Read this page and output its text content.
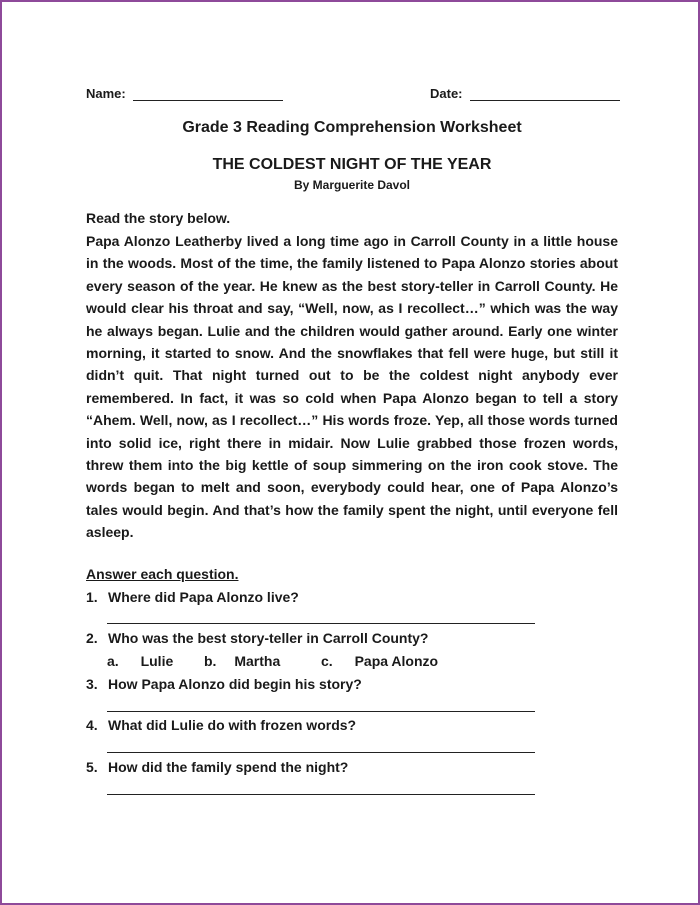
Name:	Date:
Grade 3 Reading Comprehension Worksheet
THE COLDEST NIGHT OF THE YEAR
By Marguerite Davol
Read the story below.

Papa Alonzo Leatherby lived a long time ago in Carroll County in a little house in the woods. Most of the time, the family listened to Papa Alonzo stories about every season of the year. He knew as the best story-teller in Carroll County. He would clear his throat and say, “Well, now, as I recollect…” which was the way he always began. Lulie and the children would gather around. Early one winter morning, it started to snow. And the snowflakes that fell were huge, but still it didn’t quit. That night turned out to be the coldest night anybody ever remembered. In fact, it was so cold when Papa Alonzo began to tell a story “Ahem. Well, now, as I recollect…” His words froze. Yep, all those words turned into solid ice, right there in midair. Now Lulie grabbed those frozen words, threw them into the big kettle of soup simmering on the iron cook stove. The words began to melt and soon, everybody could hear, one of Papa Alonzo’s tales would begin. And that’s how the family spent the night, until everyone fell asleep.

Answer each question.
1. Where did Papa Alonzo live?
2. Who was the best story-teller in Carroll County?
a. Lulie b. Martha	c. Papa Alonzo
3. How Papa Alonzo did begin his story?
4. What did Lulie do with frozen words?
5. How did the family spend the night?
